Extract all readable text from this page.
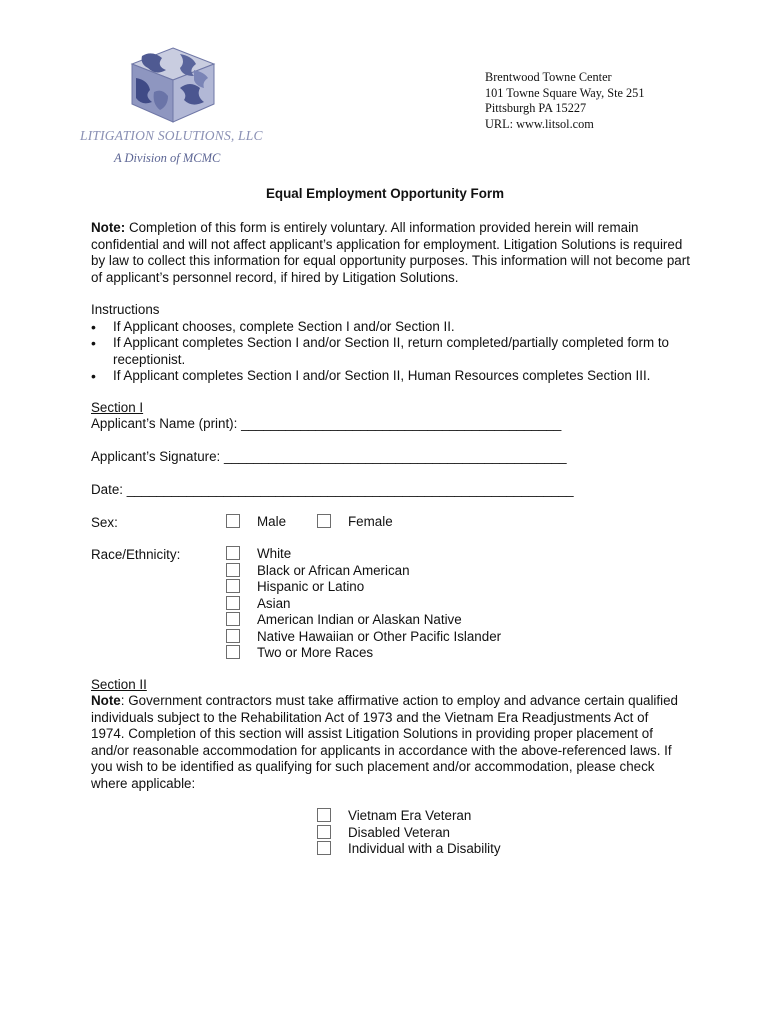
LITIGATION SOLUTIONS, LLC
A Division of MCMC
Brentwood Towne Center
101 Towne Square Way, Ste 251
Pittsburgh PA 15227
URL: www.litsol.com
Equal Employment Opportunity Form
Note: Completion of this form is entirely voluntary. All information provided herein will remain confidential and will not affect applicant’s application for employment. Litigation Solutions is required by law to collect this information for equal opportunity purposes. This information will not become part of applicant’s personnel record, if hired by Litigation Solutions.
Instructions
• If Applicant chooses, complete Section I and/or Section II.
• If Applicant completes Section I and/or Section II, return completed/partially completed form to receptionist.
• If Applicant completes Section I and/or Section II, Human Resources completes Section III.
Section I
Applicant’s Name (print): ___________________________________________
Applicant’s Signature: ______________________________________________
Date: ____________________________________________________________
Sex:	Male	Female
Race/Ethnicity:	White
Black or African American
Hispanic or Latino
Asian
American Indian or Alaskan Native
Native Hawaiian or Other Pacific Islander
Two or More Races
Section II
Note: Government contractors must take affirmative action to employ and advance certain qualified individuals subject to the Rehabilitation Act of 1973 and the Vietnam Era Readjustments Act of 1974. Completion of this section will assist Litigation Solutions in providing proper placement of and/or reasonable accommodation for applicants in accordance with the above-referenced laws. If you wish to be identified as qualifying for such placement and/or accommodation, please check where applicable:
Vietnam Era Veteran
Disabled Veteran
Individual with a Disability
